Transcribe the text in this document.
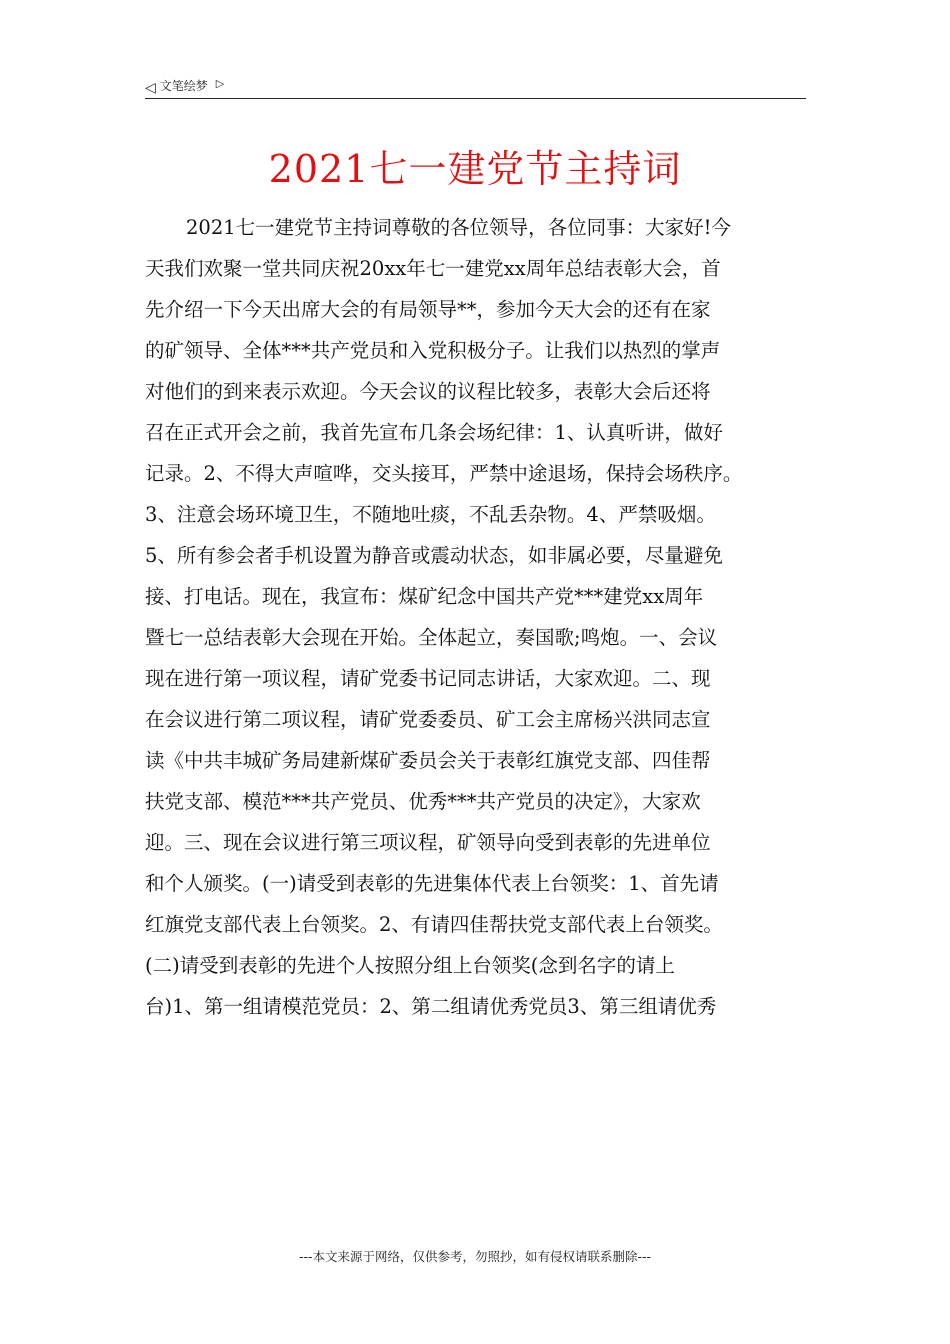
◁ 文笔绘梦 ▷
2021七一建党节主持词
2021七一建党节主持词尊敬的各位领导，各位同事：大家好!今
天我们欢聚一堂共同庆祝20xx年七一建党xx周年总结表彰大会，首
先介绍一下今天出席大会的有局领导**，参加今天大会的还有在家
的矿领导、全体***共产党员和入党积极分子。让我们以热烈的掌声
对他们的到来表示欢迎。今天会议的议程比较多，表彰大会后还将
召在正式开会之前，我首先宣布几条会场纪律：1、认真听讲，做好
记录。2、不得大声喧哗，交头接耳，严禁中途退场，保持会场秩序。
3、注意会场环境卫生，不随地吐痰，不乱丢杂物。4、严禁吸烟。
5、所有参会者手机设置为静音或震动状态，如非属必要，尽量避免
接、打电话。现在，我宣布：煤矿纪念中国共产党***建党xx周年
暨七一总结表彰大会现在开始。全体起立，奏国歌;鸣炮。一、会议
现在进行第一项议程，请矿党委书记同志讲话，大家欢迎。二、现
在会议进行第二项议程，请矿党委委员、矿工会主席杨兴洪同志宣
读《中共丰城矿务局建新煤矿委员会关于表彰红旗党支部、四佳帮
扶党支部、模范***共产党员、优秀***共产党员的决定》，大家欢
迎。三、现在会议进行第三项议程，矿领导向受到表彰的先进单位
和个人颁奖。(一)请受到表彰的先进集体代表上台领奖：1、首先请
红旗党支部代表上台领奖。2、有请四佳帮扶党支部代表上台领奖。
(二)请受到表彰的先进个人按照分组上台领奖(念到名字的请上
台)1、第一组请模范党员：2、第二组请优秀党员3、第三组请优秀
---本文来源于网络，仅供参考，勿照抄，如有侵权请联系删除---
